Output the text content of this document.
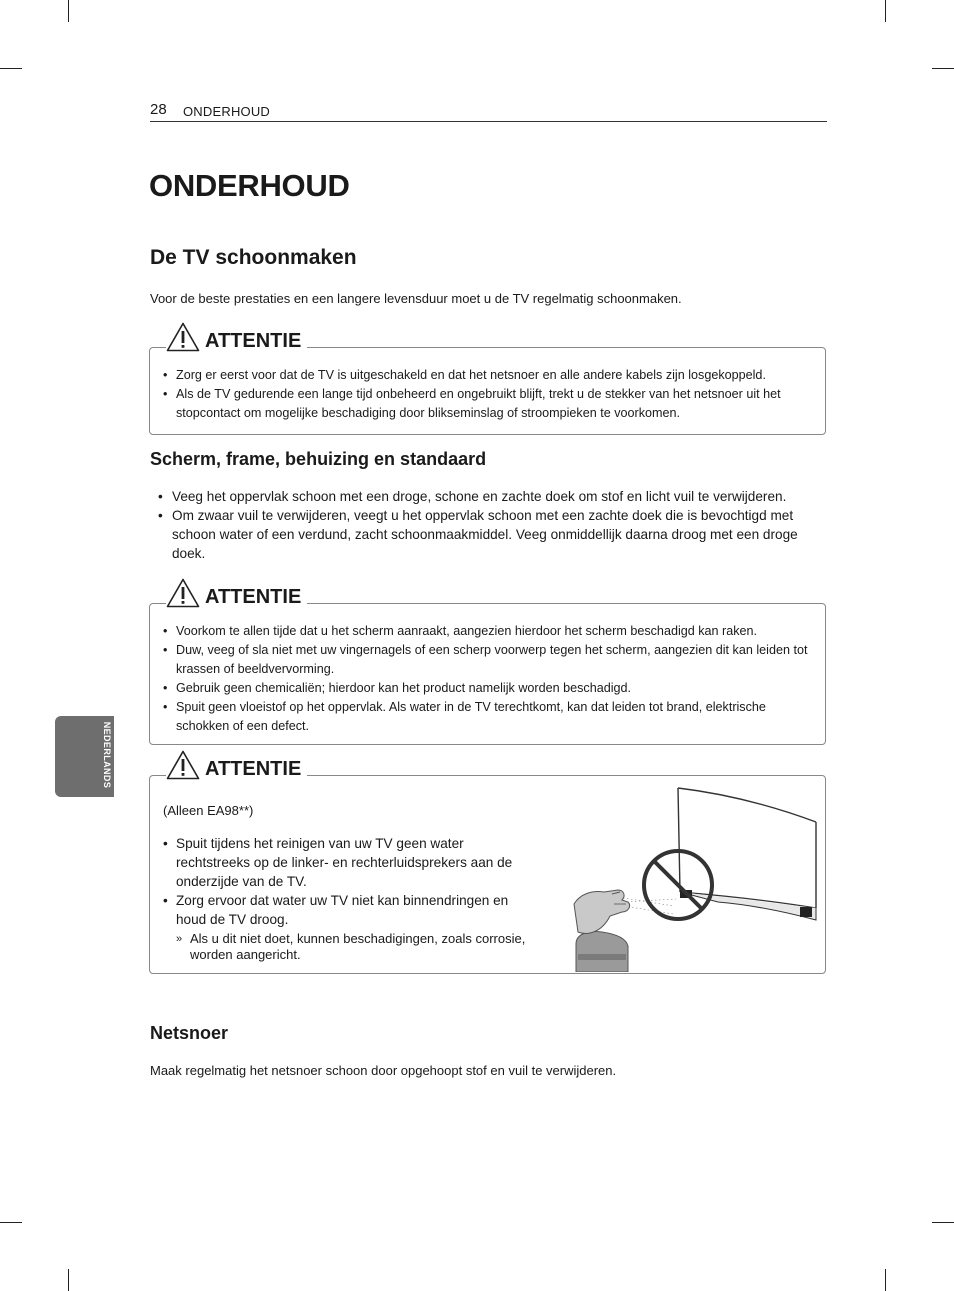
28 ONDERHOUD
NEDERLANDS
ONDERHOUD
De TV schoonmaken

Voor de beste prestaties en een langere levensduur moet u de TV regelmatig schoonmaken.

ATTENTIE
• Zorg er eerst voor dat de TV is uitgeschakeld en dat het netsnoer en alle andere kabels zijn losgekoppeld.
• Als de TV gedurende een lange tijd onbeheerd en ongebruikt blijft, trekt u de stekker van het netsnoer uit het stopcontact om mogelijke beschadiging door blikseminslag of stroompieken te voorkomen.
Scherm, frame, behuizing en standaard
• Veeg het oppervlak schoon met een droge, schone en zachte doek om stof en licht vuil te verwijderen.
• Om zwaar vuil te verwijderen, veegt u het oppervlak schoon met een zachte doek die is bevochtigd met schoon water of een verdund, zacht schoonmaakmiddel. Veeg onmiddellijk daarna droog met een droge doek.
ATTENTIE
• Voorkom te allen tijde dat u het scherm aanraakt, aangezien hierdoor het scherm beschadigd kan raken.
• Duw, veeg of sla niet met uw vingernagels of een scherp voorwerp tegen het scherm, aangezien dit kan leiden tot krassen of beeldvervorming.
• Gebruik geen chemicaliën; hierdoor kan het product namelijk worden beschadigd.
• Spuit geen vloeistof op het oppervlak. Als water in de TV terechtkomt, kan dat leiden tot brand, elektrische schokken of een defect.
ATTENTIE
(Alleen EA98**)
• Spuit tijdens het reinigen van uw TV geen water rechtstreeks op de linker- en rechterluidsprekers aan de onderzijde van de TV.
• Zorg ervoor dat water uw TV niet kan binnendringen en houd de TV droog.
» Als u dit niet doet, kunnen beschadigingen, zoals corrosie, worden aangericht.
Netsnoer

Maak regelmatig het netsnoer schoon door opgehoopt stof en vuil te verwijderen.
